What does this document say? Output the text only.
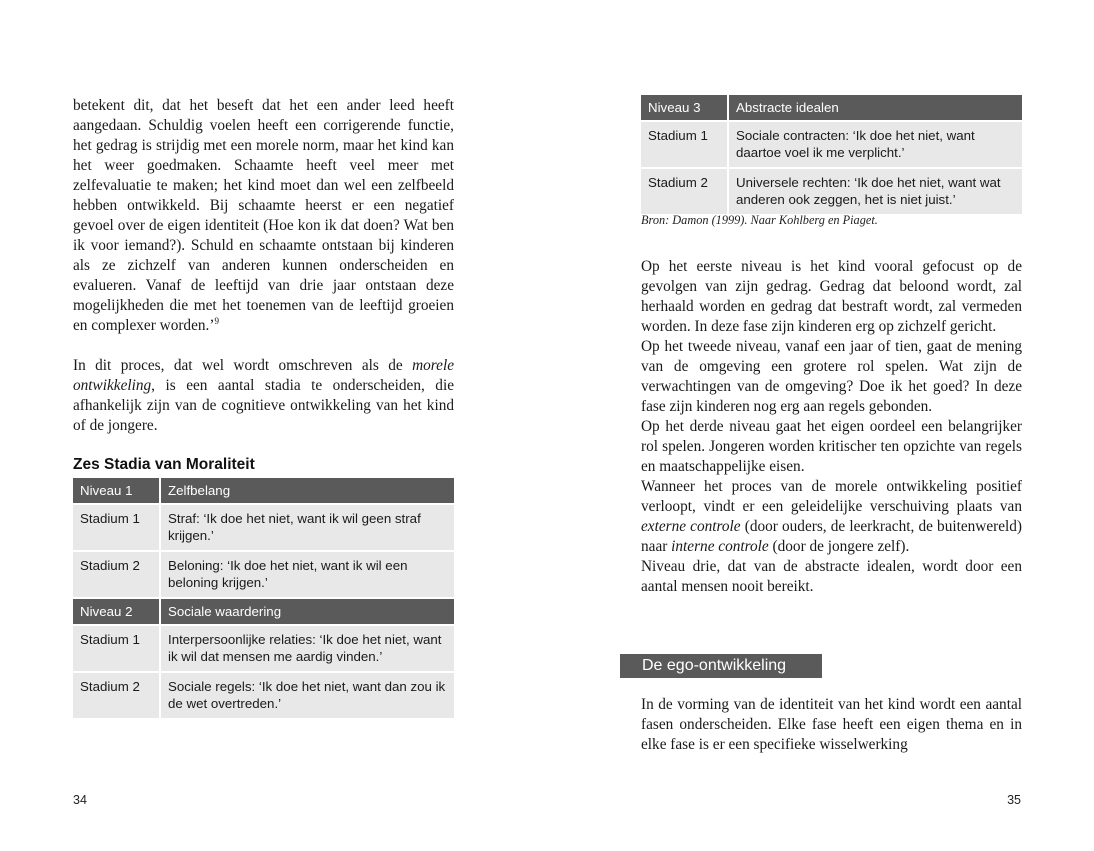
betekent dit, dat het beseft dat het een ander leed heeft aangedaan. Schuldig voelen heeft een corrigerende functie, het gedrag is strijdig met een morele norm, maar het kind kan het weer goedmaken. Schaamte heeft veel meer met zelfevaluatie te maken; het kind moet dan wel een zelfbeeld hebben ontwikkeld. Bij schaamte heerst er een negatief gevoel over de eigen identiteit (Hoe kon ik dat doen? Wat ben ik voor iemand?). Schuld en schaamte ontstaan bij kinderen als ze zichzelf van anderen kunnen onderscheiden en evalueren. Vanaf de leeftijd van drie jaar ontstaan deze mogelijkheden die met het toenemen van de leeftijd groeien en complexer worden.’$^9$

In dit proces, dat wel wordt omschreven als de morele ontwikkeling, is een aantal stadia te onderscheiden, die afhankelijk zijn van de cognitieve ontwikkeling van het kind of de jongere.

Zes Stadia van Moraliteit
Niveau 1	Zelfbelang
Stadium 1	Straf: ‘Ik doe het niet, want ik wil geen straf krijgen.’
Stadium 2	Beloning: ‘Ik doe het niet, want ik wil een beloning krijgen.’
Niveau 2	Sociale waardering
Stadium 1	Interpersoonlijke relaties: ‘Ik doe het niet, want ik wil dat mensen me aardig vinden.’
Stadium 2	Sociale regels: ‘Ik doe het niet, want dan zou ik de wet overtreden.’
34
Niveau 3	Abstracte idealen
Stadium 1	Sociale contracten: ‘Ik doe het niet, want daartoe voel ik me verplicht.’
Stadium 2	Universele rechten: ‘Ik doe het niet, want wat anderen ook zeggen, het is niet juist.’
Bron: Damon (1999). Naar Kohlberg en Piaget.

Op het eerste niveau is het kind vooral gefocust op de gevolgen van zijn gedrag. Gedrag dat beloond wordt, zal herhaald worden en gedrag dat bestraft wordt, zal vermeden worden. In deze fase zijn kinderen erg op zichzelf gericht.

Op het tweede niveau, vanaf een jaar of tien, gaat de mening van de omgeving een grotere rol spelen. Wat zijn de verwachtingen van de omgeving? Doe ik het goed? In deze fase zijn kinderen nog erg aan regels gebonden.

Op het derde niveau gaat het eigen oordeel een belangrijker rol spelen. Jongeren worden kritischer ten opzichte van regels en maatschappelijke eisen.

Wanneer het proces van de morele ontwikkeling positief verloopt, vindt er een geleidelijke verschuiving plaats van externe controle (door ouders, de leerkracht, de buitenwereld) naar interne controle (door de jongere zelf).

Niveau drie, dat van de abstracte idealen, wordt door een aantal mensen nooit bereikt.

De ego-ontwikkeling

In de vorming van de identiteit van het kind wordt een aantal fasen onderscheiden. Elke fase heeft een eigen thema en in elke fase is er een specifieke wisselwerking

35
